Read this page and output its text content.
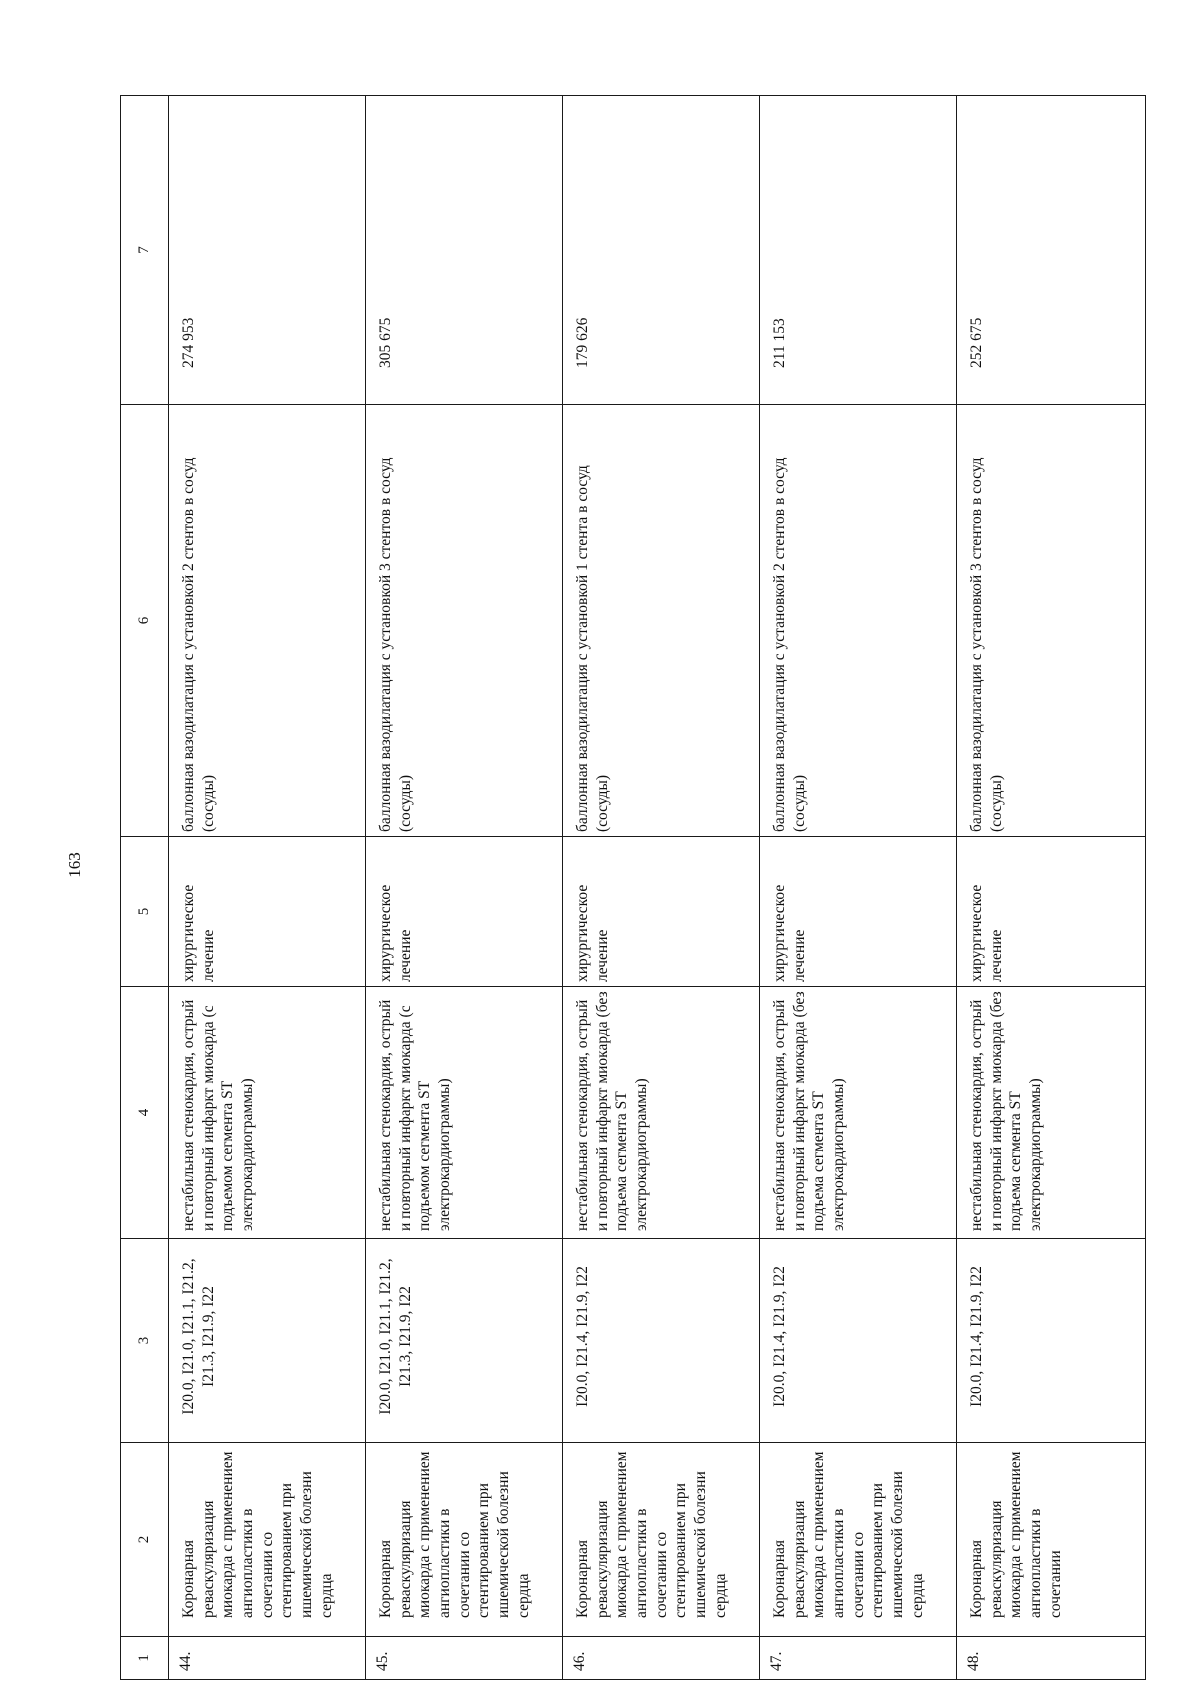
163
1	2	3	4	5	6	7
44.	Коронарная реваскуляризация миокарда с применением ангиопластики в сочетании со стентированием при ишемической болезни сердца	I20.0, I21.0, I21.1, I21.2, I21.3, I21.9, I22	нестабильная стенокардия, острый и повторный инфаркт миокарда (с подъемом сегмента ST электрокардиограммы)	хирургическое лечение	баллонная вазодилатация с установкой 2 стентов в сосуд (сосуды)	274 953
45.	Коронарная реваскуляризация миокарда с применением ангиопластики в сочетании со стентированием при ишемической болезни сердца	I20.0, I21.0, I21.1, I21.2, I21.3, I21.9, I22	нестабильная стенокардия, острый и повторный инфаркт миокарда (с подъемом сегмента ST электрокардиограммы)	хирургическое лечение	баллонная вазодилатация с установкой 3 стентов в сосуд (сосуды)	305 675
46.	Коронарная реваскуляризация миокарда с применением ангиопластики в сочетании со стентированием при ишемической болезни сердца	I20.0, I21.4, I21.9, I22	нестабильная стенокардия, острый и повторный инфаркт миокарда (без подъема сегмента ST электрокардиограммы)	хирургическое лечение	баллонная вазодилатация с установкой 1 стента в сосуд (сосуды)	179 626
47.	Коронарная реваскуляризация миокарда с применением ангиопластики в сочетании со стентированием при ишемической болезни сердца	I20.0, I21.4, I21.9, I22	нестабильная стенокардия, острый и повторный инфаркт миокарда (без подъема сегмента ST электрокардиограммы)	хирургическое лечение	баллонная вазодилатация с установкой 2 стентов в сосуд (сосуды)	211 153
48.	Коронарная реваскуляризация миокарда с применением ангиопластики в сочетании	I20.0, I21.4, I21.9, I22	нестабильная стенокардия, острый и повторный инфаркт миокарда (без подъема сегмента ST электрокардиограммы)	хирургическое лечение	баллонная вазодилатация с установкой 3 стентов в сосуд (сосуды)	252 675
